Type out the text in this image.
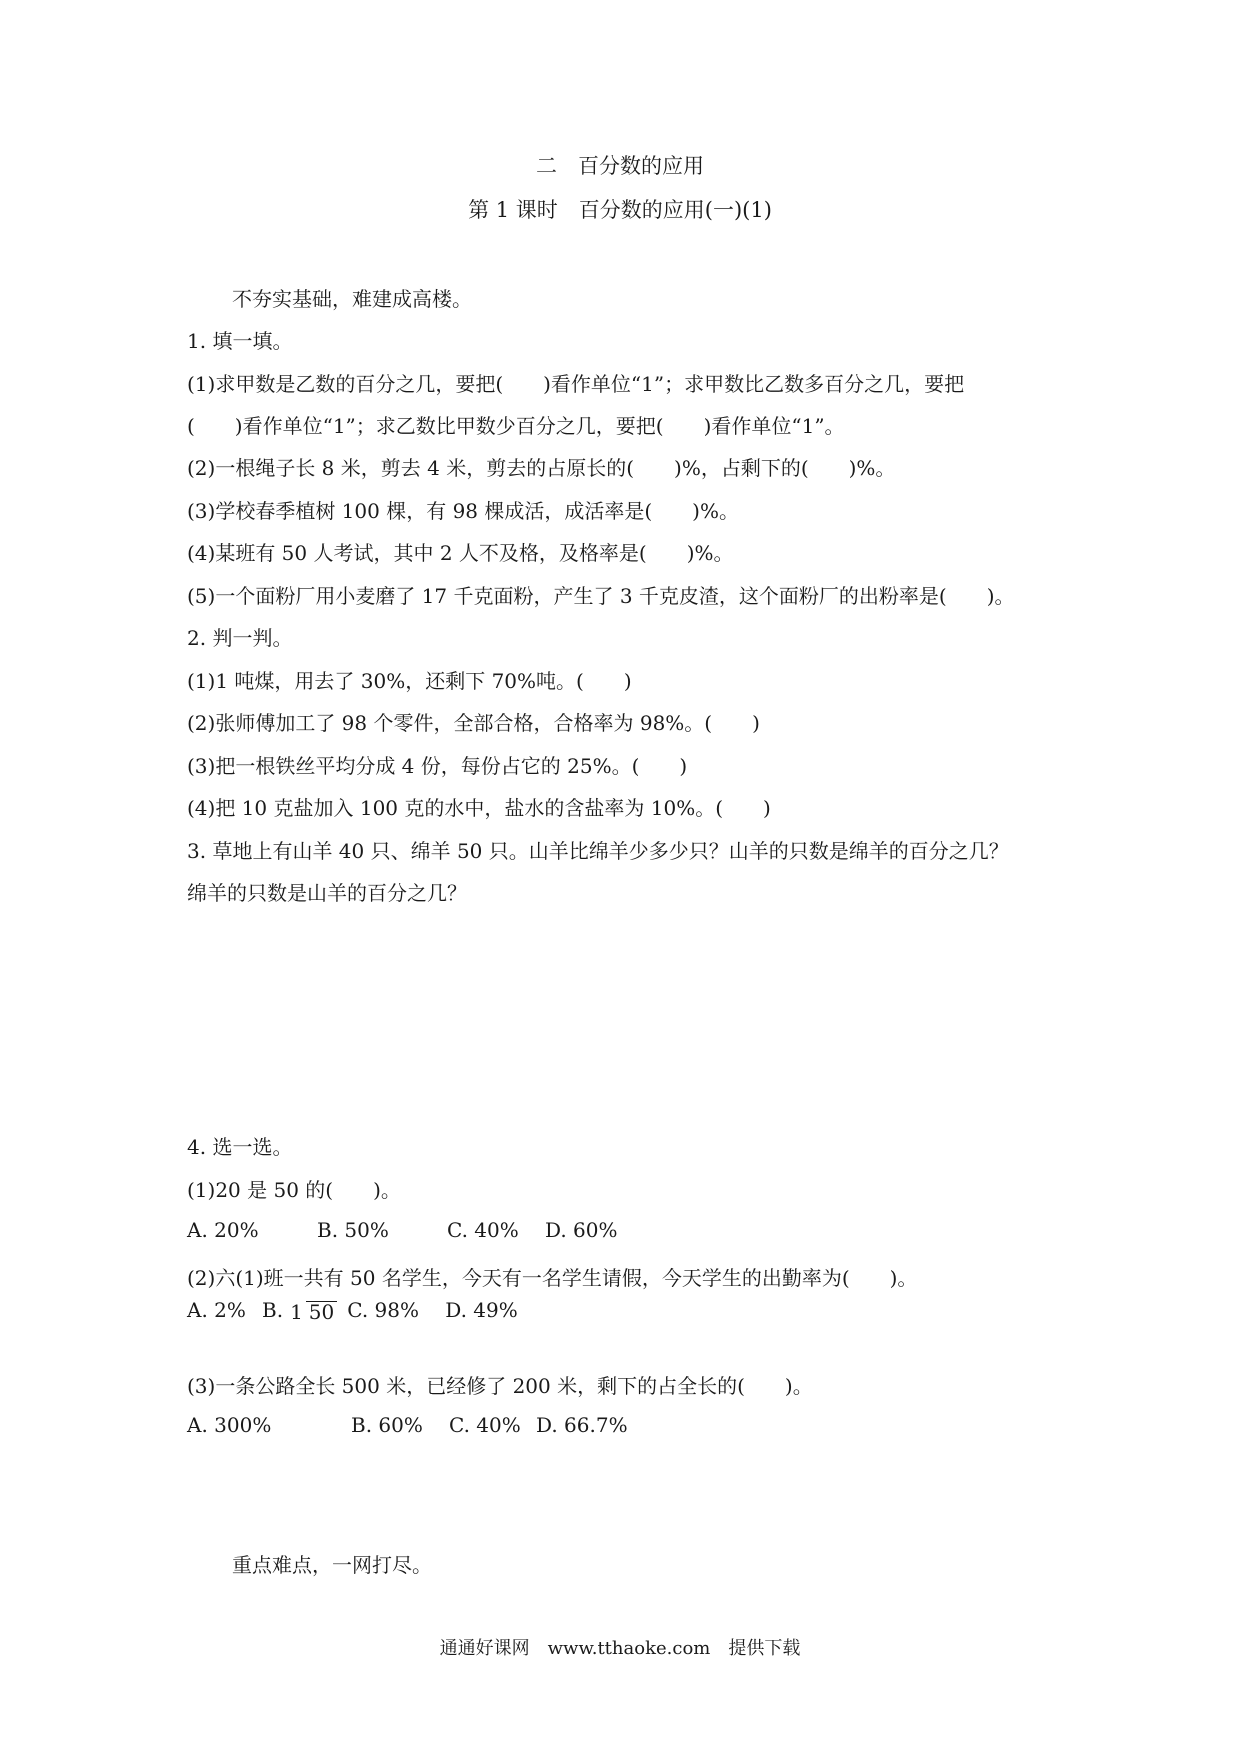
二　百分数的应用
第 1 课时　百分数的应用(一)(1)
不夯实基础，难建成高楼。
1. 填一填。
(1)求甲数是乙数的百分之几，要把(　　)看作单位“1”；求甲数比乙数多百分之几，要把
(　　)看作单位“1”；求乙数比甲数少百分之几，要把(　　)看作单位“1”。
(2)一根绳子长 8 米，剪去 4 米，剪去的占原长的(　　)%，占剩下的(　　)%。
(3)学校春季植树 100 棵，有 98 棵成活，成活率是(　　)%。
(4)某班有 50 人考试，其中 2 人不及格，及格率是(　　)%。
(5)一个面粉厂用小麦磨了 17 千克面粉，产生了 3 千克皮渣，这个面粉厂的出粉率是(　　)。
2. 判一判。
(1)1 吨煤，用去了 30%，还剩下 70%吨。(　　)
(2)张师傅加工了 98 个零件，全部合格，合格率为 98%。(　　)
(3)把一根铁丝平均分成 4 份，每份占它的 25%。(　　)
(4)把 10 克盐加入 100 克的水中，盐水的含盐率为 10%。(　　)
3. 草地上有山羊 40 只、绵羊 50 只。山羊比绵羊少多少只？山羊的只数是绵羊的百分之几？
绵羊的只数是山羊的百分之几？
4. 选一选。
(1)20 是 50 的(　　)。
A. 20%	B. 50%	C. 40% D. 60%
(2)六(1)班一共有 50 名学生，今天有一名学生请假，今天学生的出勤率为(　　)。
A. 2% B. 1 50 C. 98% D. 49%
(3)一条公路全长 500 米，已经修了 200 米，剩下的占全长的(　　)。
A. 300%	B. 60% C. 40% D. 66.7%
重点难点，一网打尽。
通通好课网　www.tthaoke.com　提供下载
